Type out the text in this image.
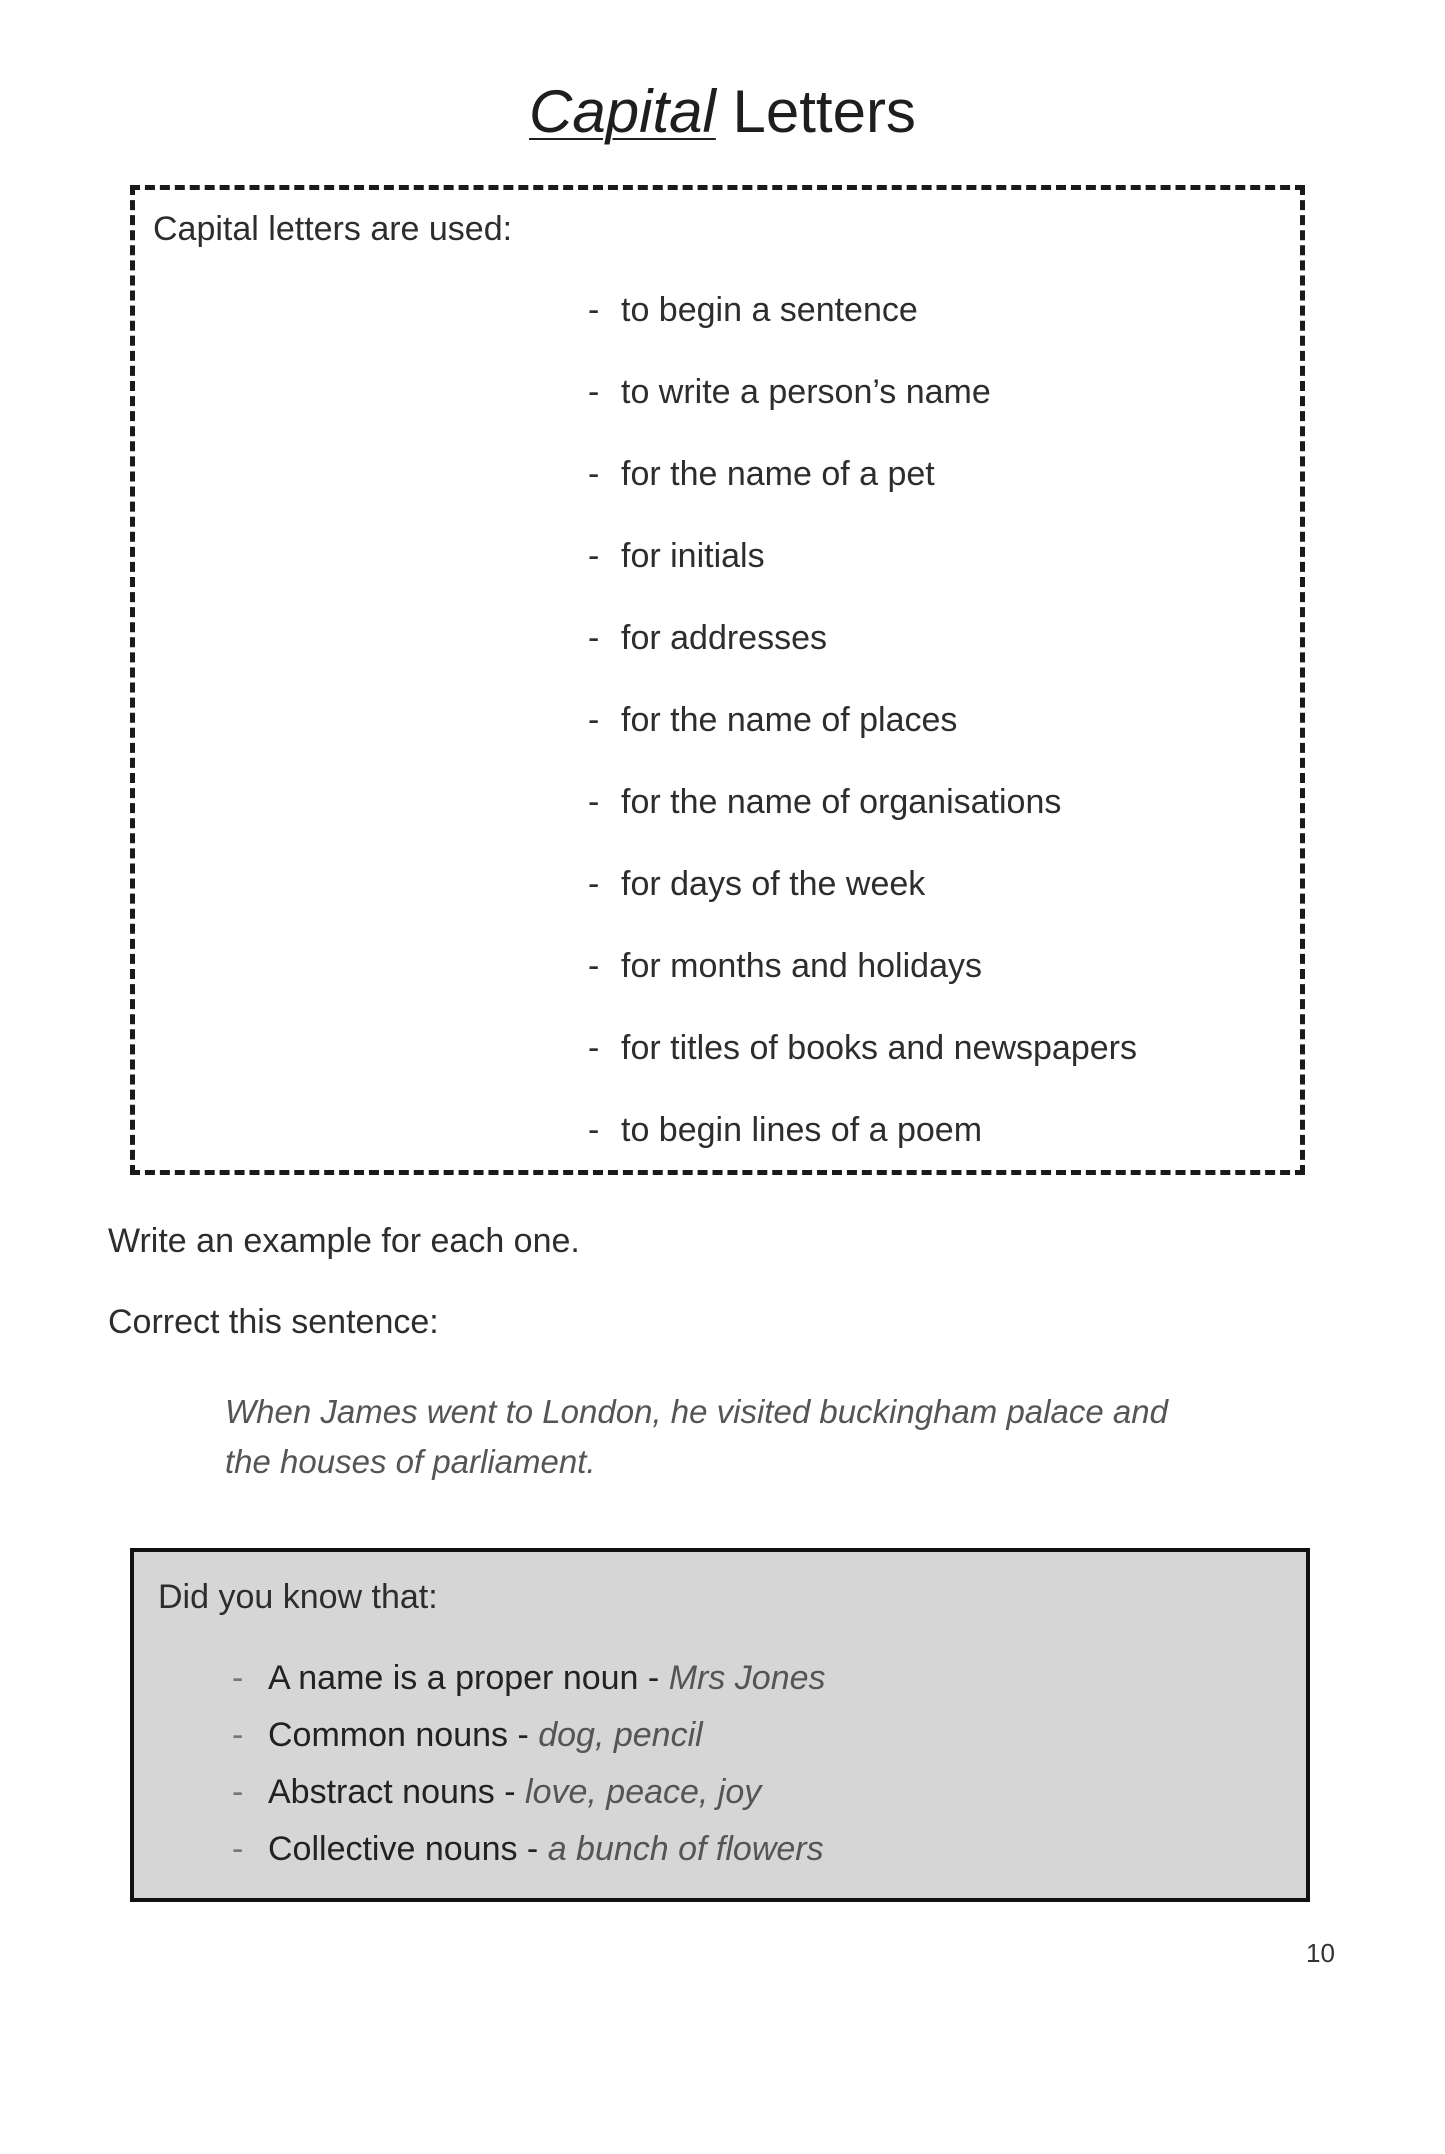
Capital Letters
Capital letters are used:
- to begin a sentence
- to write a person’s name
- for the name of a pet
- for initials
- for addresses
- for the name of places
- for the name of organisations
- for days of the week
- for months and holidays
- for titles of books and newspapers
- to begin lines of a poem
Write an example for each one.
Correct this sentence:
When James went to London, he visited buckingham palace and
the houses of parliament.
Did you know that:
- A name is a proper noun - Mrs Jones
- Common nouns - dog, pencil
- Abstract nouns - love, peace, joy
- Collective nouns - a bunch of flowers
10
